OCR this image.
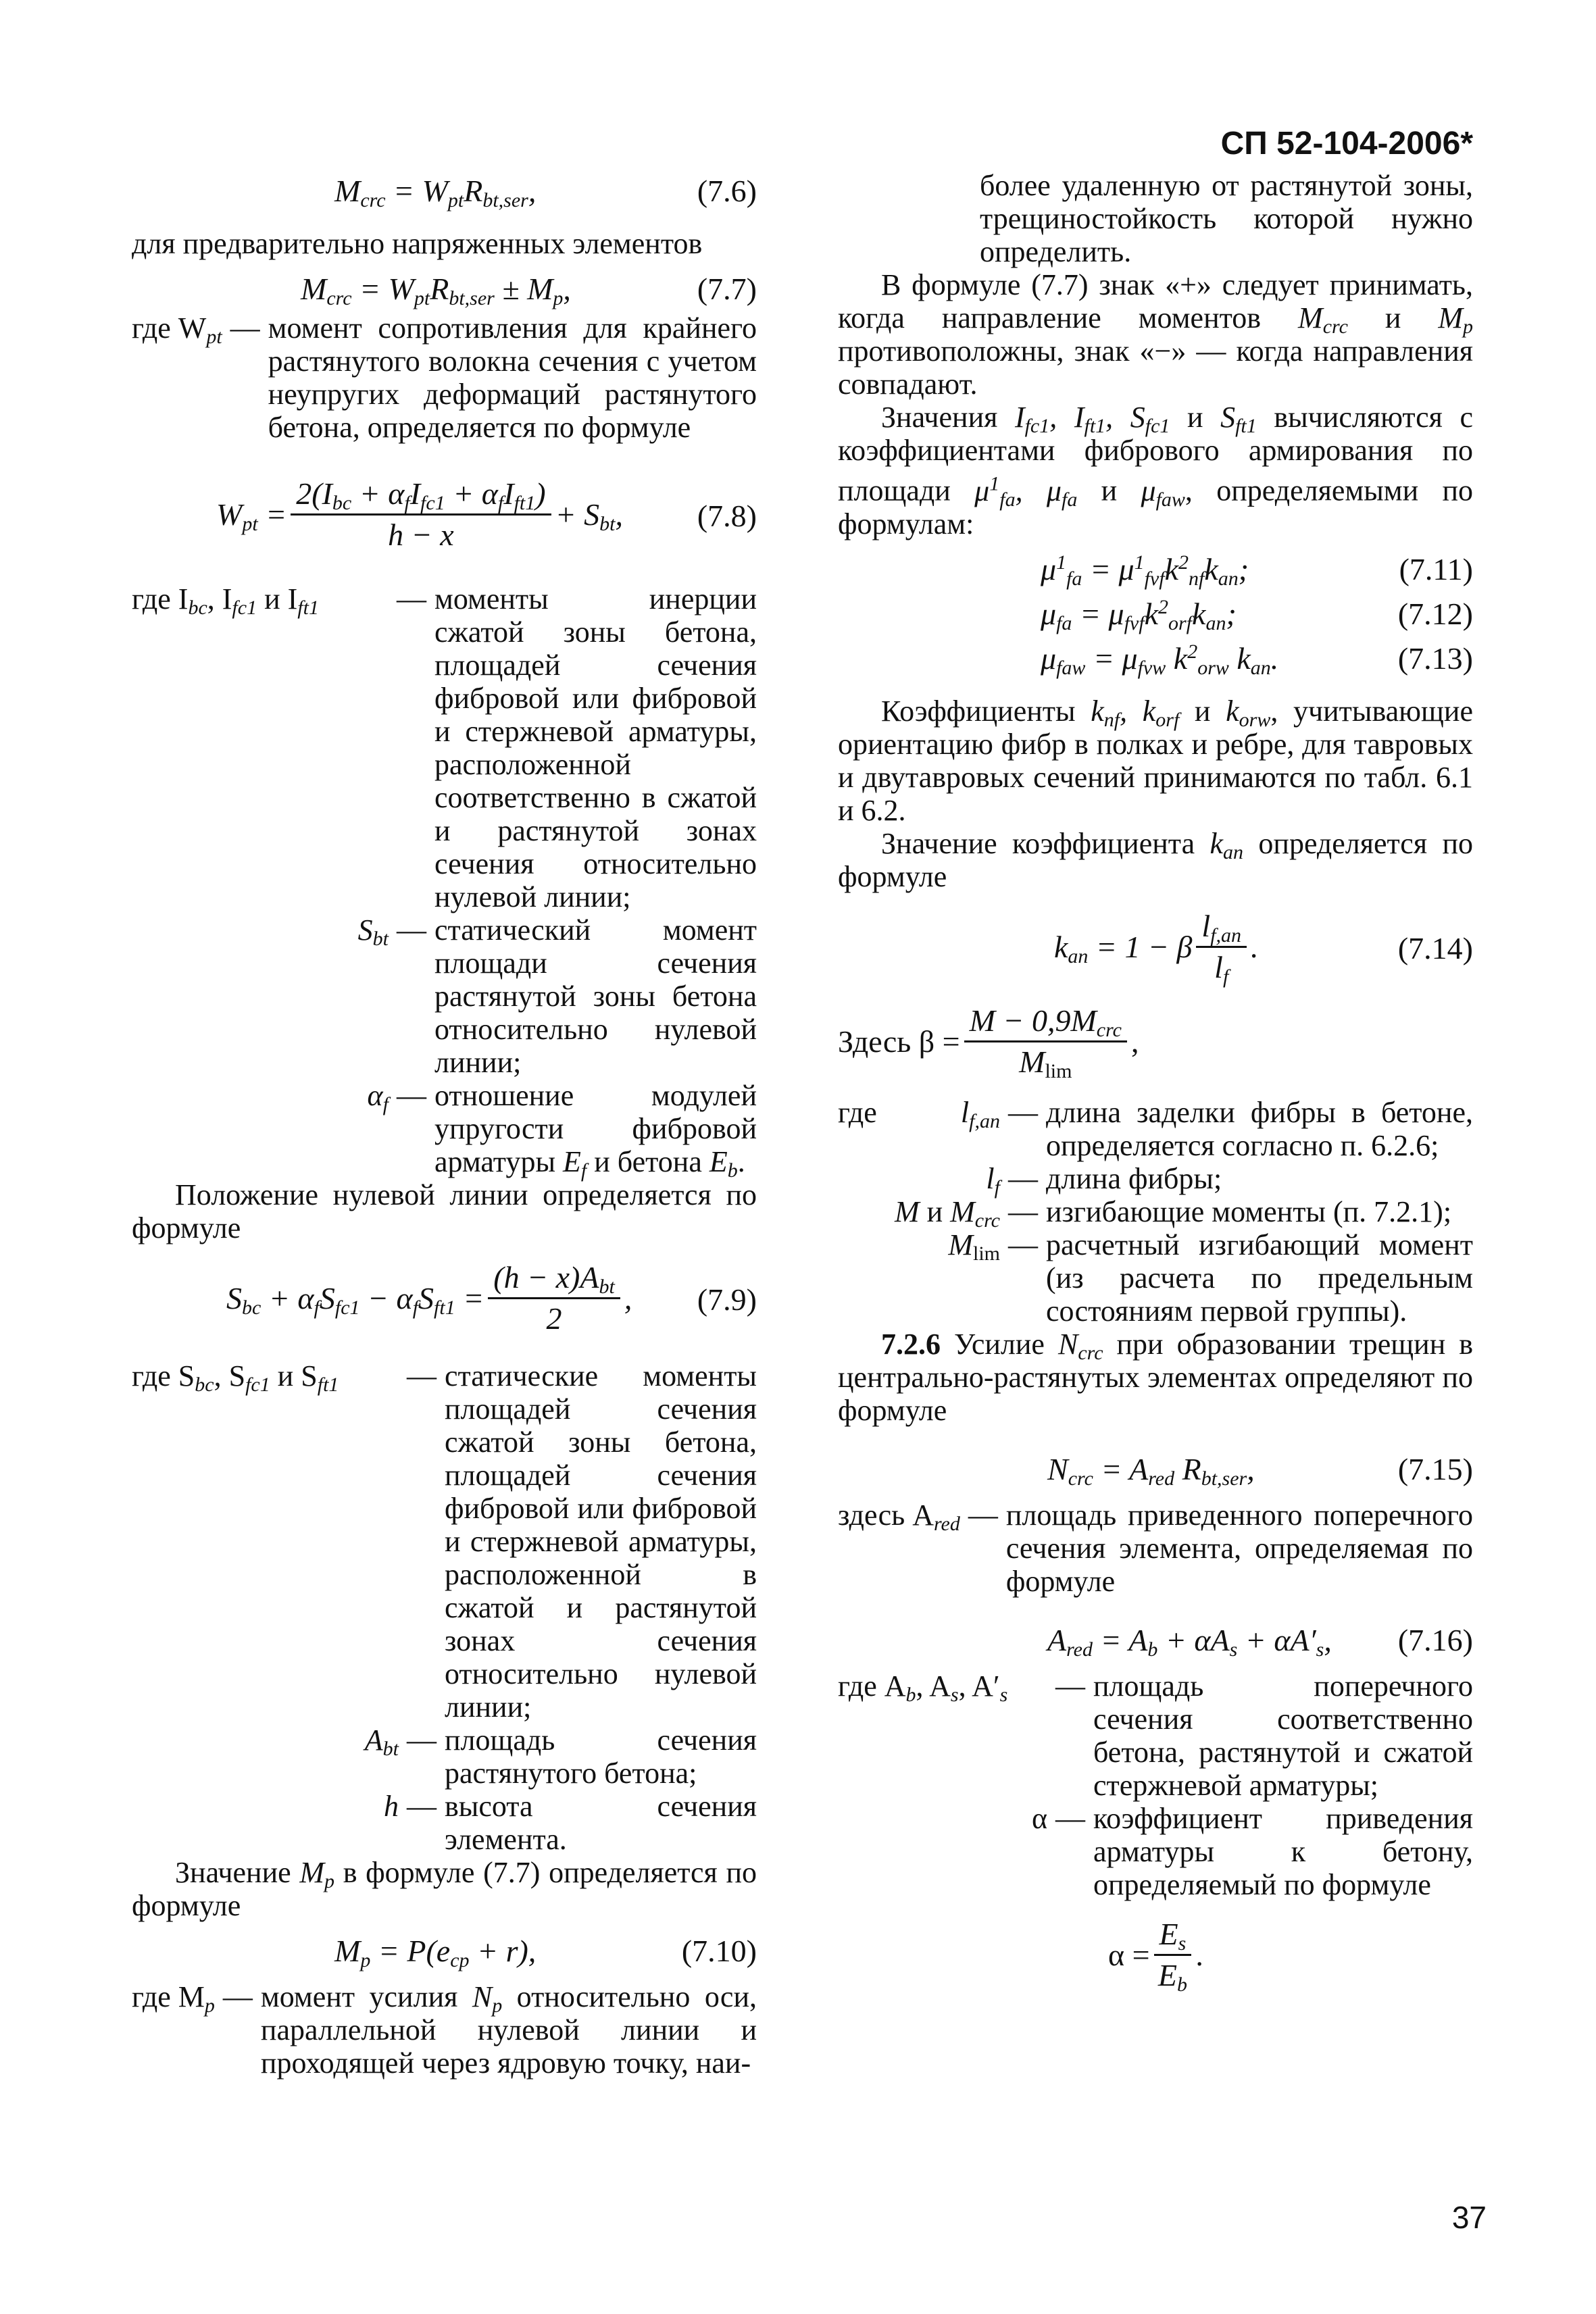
СП 52-104-2006*
$M_{crc} = W_{pt}R_{bt,ser}$,	(7.6)
для предварительно напряженных элементов
$M_{crc} = W_{pt}R_{bt,ser} \pm M_p$,	(7.7)
где $W_{pt}$ — момент сопротивления для крайнего растянутого волокна сечения с учетом неупругих деформаций растянутого бетона, определяется по формуле
$W_{pt} = \frac{2(I_{bc} + \alpha_fI_{fc1} + \alpha_fI_{ft1})}{h - x} + S_{bt}$, (7.8)
где $I_{bc}$, $I_{fc1}$ и $I_{ft1}$	— моменты инерции сжатой зоны бетона, площадей сечения фибровой или фибровой и стержневой арматуры, расположенной соответственно в сжатой и растянутой зонах сечения относительно нулевой линии;
$S_{bt}$ — статический момент площади сечения растянутой зоны бетона относительно нулевой линии;
$\alpha_f$ — отношение модулей упругости фибровой арматуры $E_f$ и бетона $E_b$.
Положение нулевой линии определяется по формуле
$S_{bc} + \alpha_fS_{fc1} - \alpha_fS_{ft1} = \frac{(h - x)A_{bt}}{2}$ , (7.9)
где $S_{bc}$, $S_{fc1}$ и $S_{ft1}$	— статические моменты площадей сечения сжатой зоны бетона, площадей сечения фибровой или фибровой и стержневой арматуры, расположенной в сжатой и растянутой зонах сечения относительно нулевой линии;
$A_{bt}$ — площадь сечения растянутого бетона;
h — высота сечения элемента.
Значение $M_p$ в формуле (7.7) определяется по формуле
$M_p = P(e_{cp} + r)$,	(7.10)
где $M_p$ — момент усилия $N_p$ относительно оси, параллельной нулевой линии и проходящей через ядровую точку, наи-
более удаленную от растянутой зоны, трещиностойкость которой нужно определить.
В формуле (7.7) знак «+» следует принимать, когда направление моментов $M_{crc}$ и $M_p$ противоположны, знак «−» — когда направления совпадают.
Значения $I_{fc1}$, $I_{ft1}$, $S_{fc1}$ и $S_{ft1}$ вычисляются с коэффициентами фибрового армирования по площади $\mu^1_{fa}$, $\mu_{fa}$ и $\mu_{faw}$, определяемыми по формулам:
$\mu^1_{fa} = \mu^1_{fvf}k^2_{nf}k_{an}$;	(7.11)
$\mu_{fa} = \mu_{fvf}k^2_{orf}k_{an}$;	(7.12)
$\mu_{faw} = \mu_{fvw}$ $k^2_{orw}$ $k_{an}$.	(7.13)
Коэффициенты $k_{nf}$, $k_{orf}$ и $k_{orw}$, учитывающие ориентацию фибр в полках и ребре, для тавровых и двутавровых сечений принимаются по табл. 6.1 и 6.2.
Значение коэффициента $k_{an}$ определяется по формуле
$k_{an} = 1 - \beta \frac{l_{f,an}}{l_f}$ .	(7.14)
Здесь $\beta = \frac{M - 0,9M_{crc}}{M_{lim}}$ ,
где	$l_{f,an}$ — длина заделки фибры в бетоне, определяется согласно п. 6.2.6;
$l_f$ — длина фибры;
M и $M_{crc}$ — изгибающие моменты (п. 7.2.1);
$M_{lim}$ — расчетный изгибающий момент (из расчета по предельным состояниям первой группы).
7.2.6 Усилие $N_{crc}$ при образовании трещин в центрально-растянутых элементах определяют по формуле
$N_{crc} = A_{red}$ $R_{bt,ser}$,	(7.15)
здесь $A_{red}$ — площадь приведенного поперечного сечения элемента, определяемая по формуле
$A_{red} = A_b + \alpha A_s + \alpha A'_s$, (7.16)
где $A_b$, $A_s$, $A'_s$	— площадь поперечного сечения соответственно бетона, растянутой и сжатой стержневой арматуры;
α — коэффициент приведения арматуры к бетону, определяемый по формуле
$\alpha = \frac{E_s}{E_b}$ .
37
